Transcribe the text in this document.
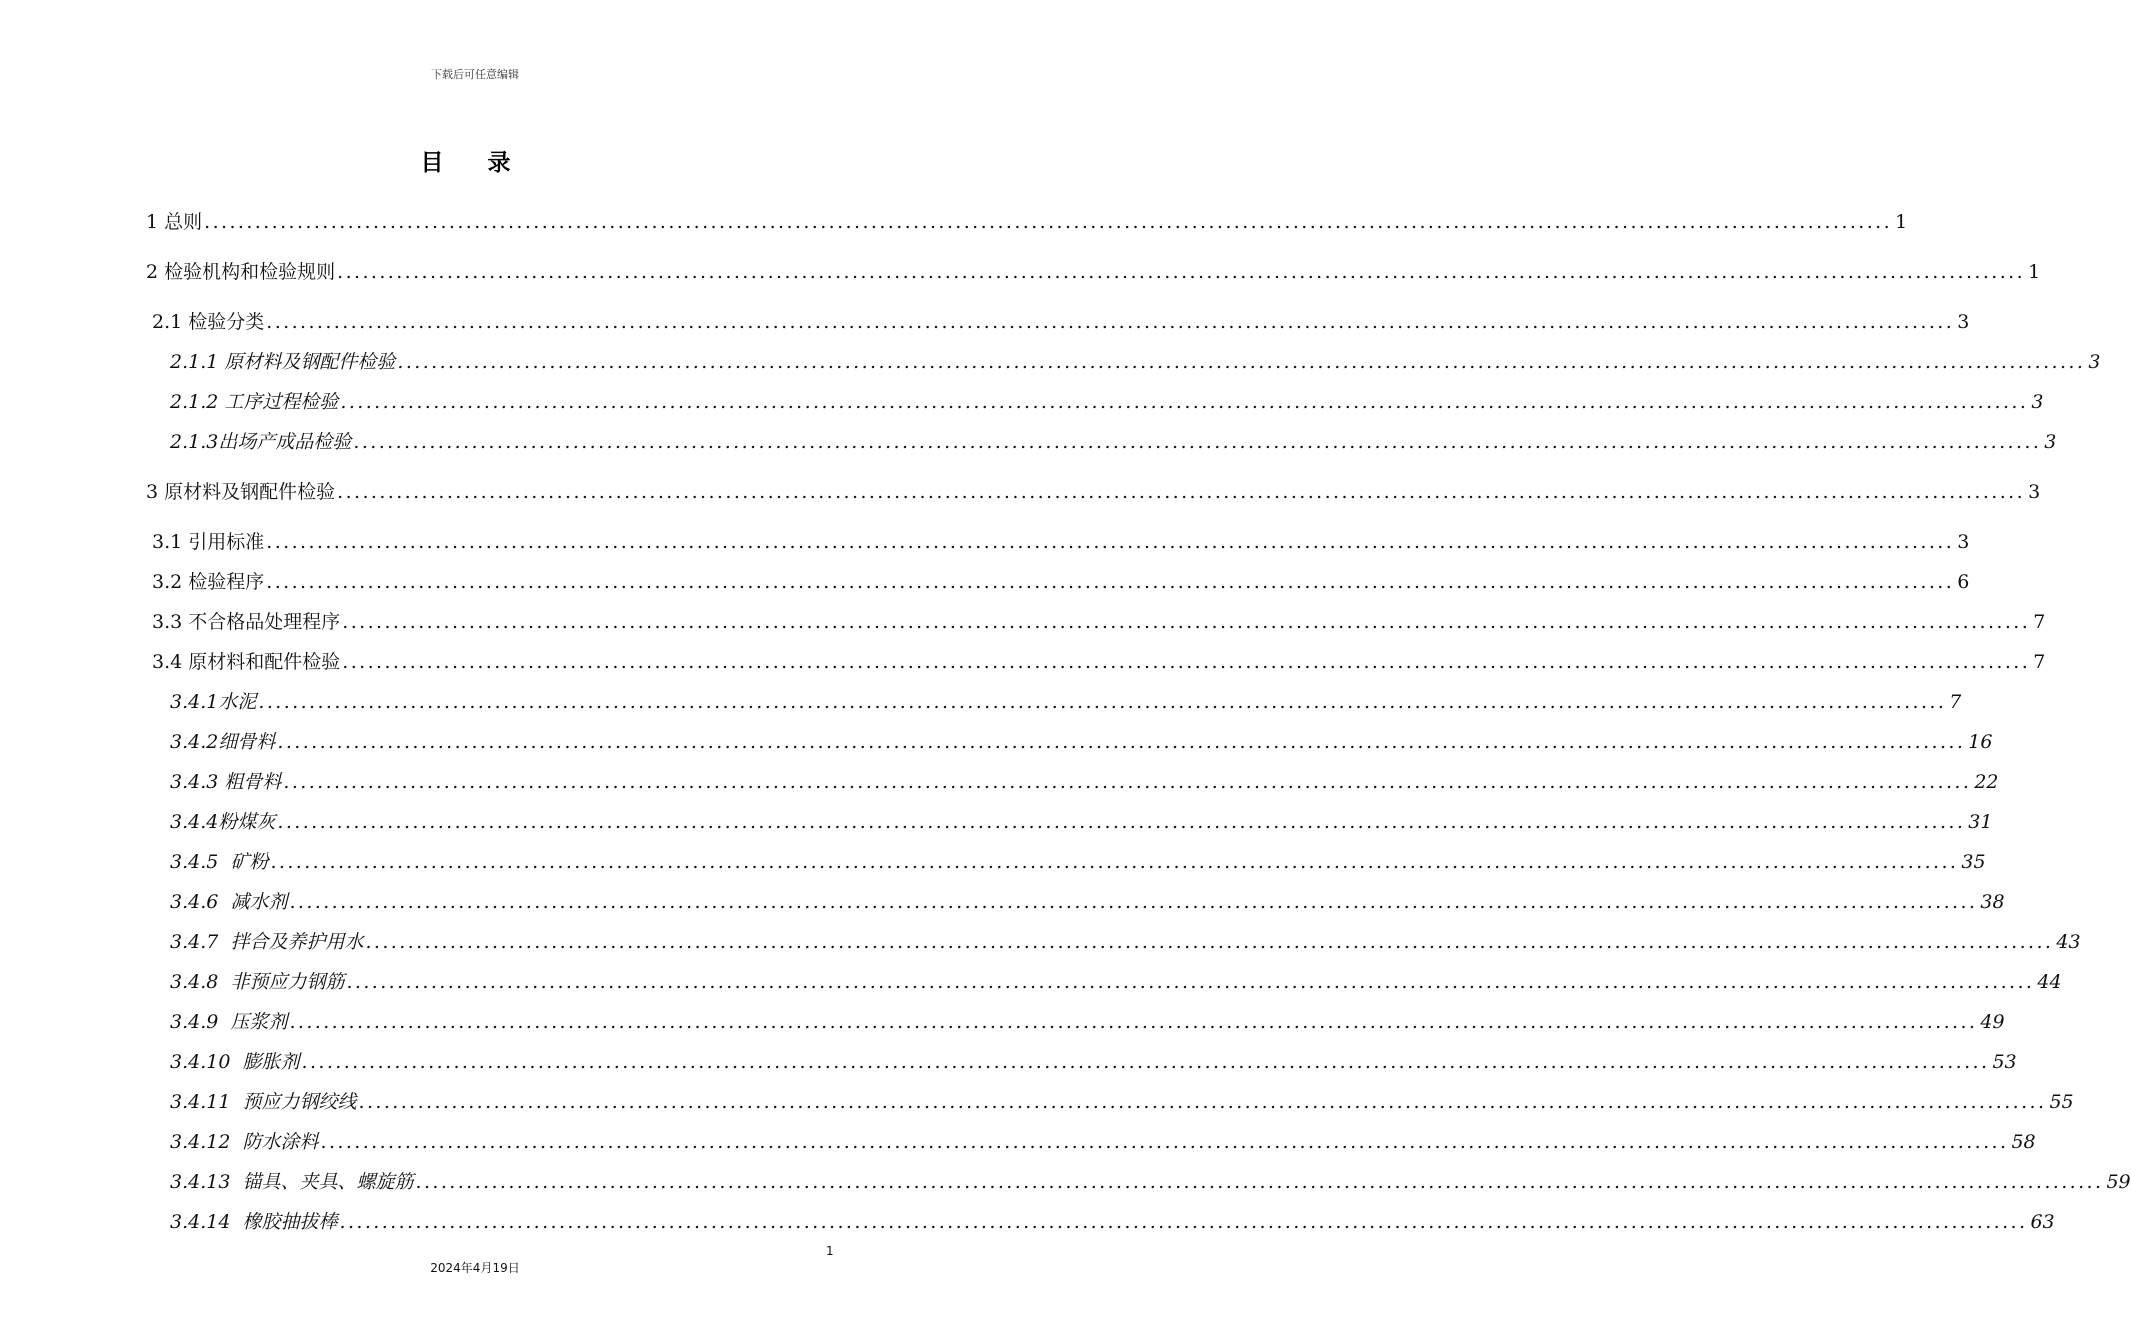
下载后可任意编辑
目录
1 总则 ........................................................................................................................................................................................................ 1
2 检验机构和检验规则 ........................................................................................................................................................................................................ 1
2.1 检验分类 ........................................................................................................................................................................................................ 3
2.1.1 原材料及钢配件检验 ........................................................................................................................................................................................................ 3
2.1.2 工序过程检验 ........................................................................................................................................................................................................ 3
2.1.3 出场产成品检验 ........................................................................................................................................................................................................ 3
3 原材料及钢配件检验 ........................................................................................................................................................................................................ 3
3.1 引用标准 ........................................................................................................................................................................................................ 3
3.2 检验程序 ........................................................................................................................................................................................................ 6
3.3 不合格品处理程序 ........................................................................................................................................................................................................ 7
3.4 原材料和配件检验 ........................................................................................................................................................................................................ 7
3.4.1 水泥 ........................................................................................................................................................................................................ 7
3.4.2 细骨料 ........................................................................................................................................................................................................ 16
3.4.3 粗骨料 ........................................................................................................................................................................................................ 22
3.4.4 粉煤灰 ........................................................................................................................................................................................................ 31
3.4.5 矿粉 ........................................................................................................................................................................................................ 35
3.4.6 减水剂 ........................................................................................................................................................................................................ 38
3.4.7 拌合及养护用水 ........................................................................................................................................................................................................ 43
3.4.8 非预应力钢筋 ........................................................................................................................................................................................................ 44
3.4.9 压浆剂 ........................................................................................................................................................................................................ 49
3.4.10 膨胀剂 ........................................................................................................................................................................................................ 53
3.4.11 预应力钢绞线 ........................................................................................................................................................................................................ 55
3.4.12 防水涂料 ........................................................................................................................................................................................................ 58
3.4.13 锚具、夹具、螺旋筋 ........................................................................................................................................................................................................ 59
3.4.14 橡胶抽拔棒 ........................................................................................................................................................................................................ 63
1
2024年4月19日
